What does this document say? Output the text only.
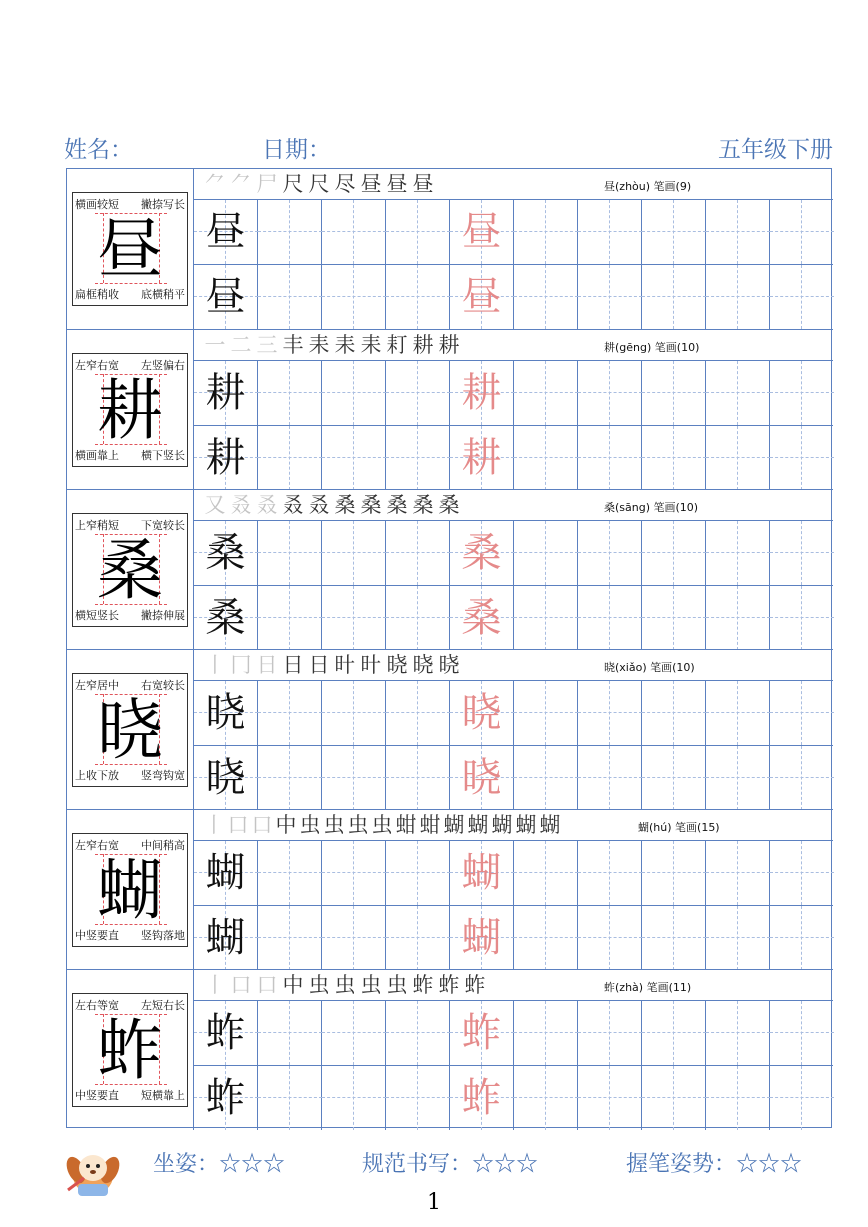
姓名：	日期：	五年级下册
横画较短 撇捺写长
扁框稍收 底横稍平
昼
⺈ ⺈ 尸 尺 尺 尽 昼 昼 昼	昼(zhòu) 笔画(9)
昼	昼
昼	昼
左窄右宽 左竖偏右
横画靠上 横下竖长
耕
一 二 三 丰 耒 耒 耒 耓 耕 耕	耕(gēng) 笔画(10)
耕	耕
耕	耕
上窄稍短 下宽较长
横短竖长 撇捺伸展
桑
又 叒 叒 叒 叒 桑 桑 桑 桑 桑	桑(sāng) 笔画(10)
桑	桑
桑	桑
左窄居中 右宽较长
上收下放 竖弯钩宽
晓
丨 冂 日 日 日 旪 旪 晓 晓 晓	晓(xiǎo) 笔画(10)
晓	晓
晓	晓
左窄右宽 中间稍高
中竖要直 竖钩落地
蝴
丨 口 口 中 虫 虫 虫 虫 蚶 蚶 蝴 蝴 蝴 蝴 蝴	蝴(hú) 笔画(15)
蝴	蝴
蝴	蝴
左右等宽 左短右长
中竖要直 短横靠上
蚱
丨 口 口 中 虫 虫 虫 虫 蚱 蚱 蚱	蚱(zhà) 笔画(11)
蚱	蚱
蚱	蚱
坐姿：☆☆☆	规范书写：☆☆☆	握笔姿势：☆☆☆
1
